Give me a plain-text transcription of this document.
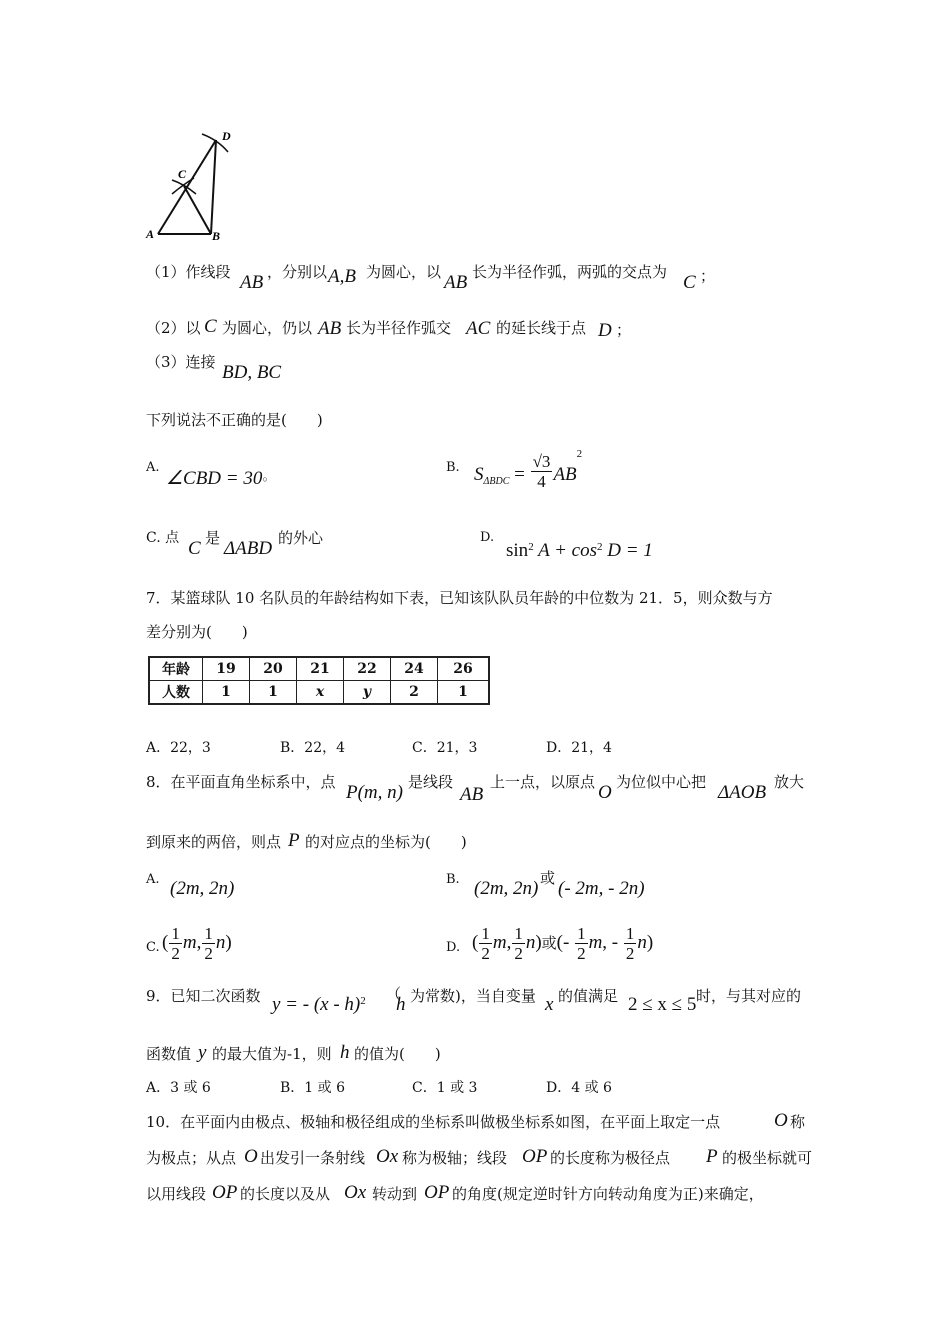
A	B
C
D
（1）作线段 AB ，分别以 A,B 为圆心，以 AB 长为半径作弧，两弧的交点为 C ；
（2）以 C 为圆心，仍以 AB 长为半径作弧交 AC 的延长线于点 D ；
（3）连接 BD, BC
下列说法不正确的是(　　)
A.
∠CBD = 30○
B. $S_{\Delta BDC} = \frac{√3}{4} AB^2$
C. 点 C 是 ΔABD 的外心	D.
$\sin^2 A + \cos^2 D = 1$
7．某篮球队 10 名队员的年龄结构如下表，已知该队队员年龄的中位数为 21．5，则众数与方
差分别为(　　)
年龄	19	20	21	22	24	26
人数	1	1	x	y	2	1
A．22，3	B．22，4	C．21，3	D．21，4
8．在平面直角坐标系中，点 P(m, n) 是线段
AB
上一点，以原点 O 为位似中心把 ΔAOB 放大
到原来的两倍，则点 P 的对应点的坐标为(　　)
A. (2m, 2n)	B. (2m, 2n) 或 (- 2m, - 2n)
C. ( $\frac{1}{2} m$, $\frac{1}{2} n$)	D. ( $\frac{1}{2} m$, $\frac{1}{2} n$)或(- $\frac{1}{2} m$, - $\frac{1}{2} n$)
9．已知二次函数 y = - (x - h)$^2$ （
h 为常数)，当自变量 x 的值满足 2 ≤ x ≤ 5 时，与其对应的
函数值 y 的最大值为-1，则 h 的值为(　　)
A．3 或 6	B．1 或 6	C．1 或 3	D．4 或 6
10．在平面内由极点、极轴和极径组成的坐标系叫做极坐标系如图，在平面上取定一点	O 称
为极点；从点 O 出发引一条射线 Ox 称为极轴；线段 OP 的长度称为极径点 P 的极坐标就可
以用线段 OP 的长度以及从 Ox 转动到 OP 的角度(规定逆时针方向转动角度为正)来确定，
